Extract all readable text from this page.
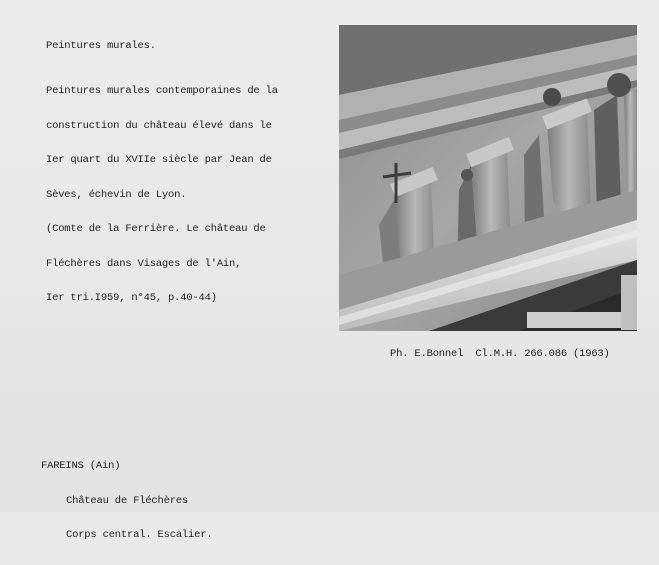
Peintures murales.

Peintures murales contemporaines de la

construction du château élevé dans le

Ier quart du XVIIe siècle par Jean de

Sèves, échevin de Lyon.

(Comte de la Ferrière. Le château de

Fléchères dans Visages de l'Ain,

Ier tri.I959, n°45, p.40-44)

Ph. E.Bonnel  Cl.M.H. 266.086 (1963)

FAREINS (Ain)

Château de Fléchères

Corps central. Escalier.
